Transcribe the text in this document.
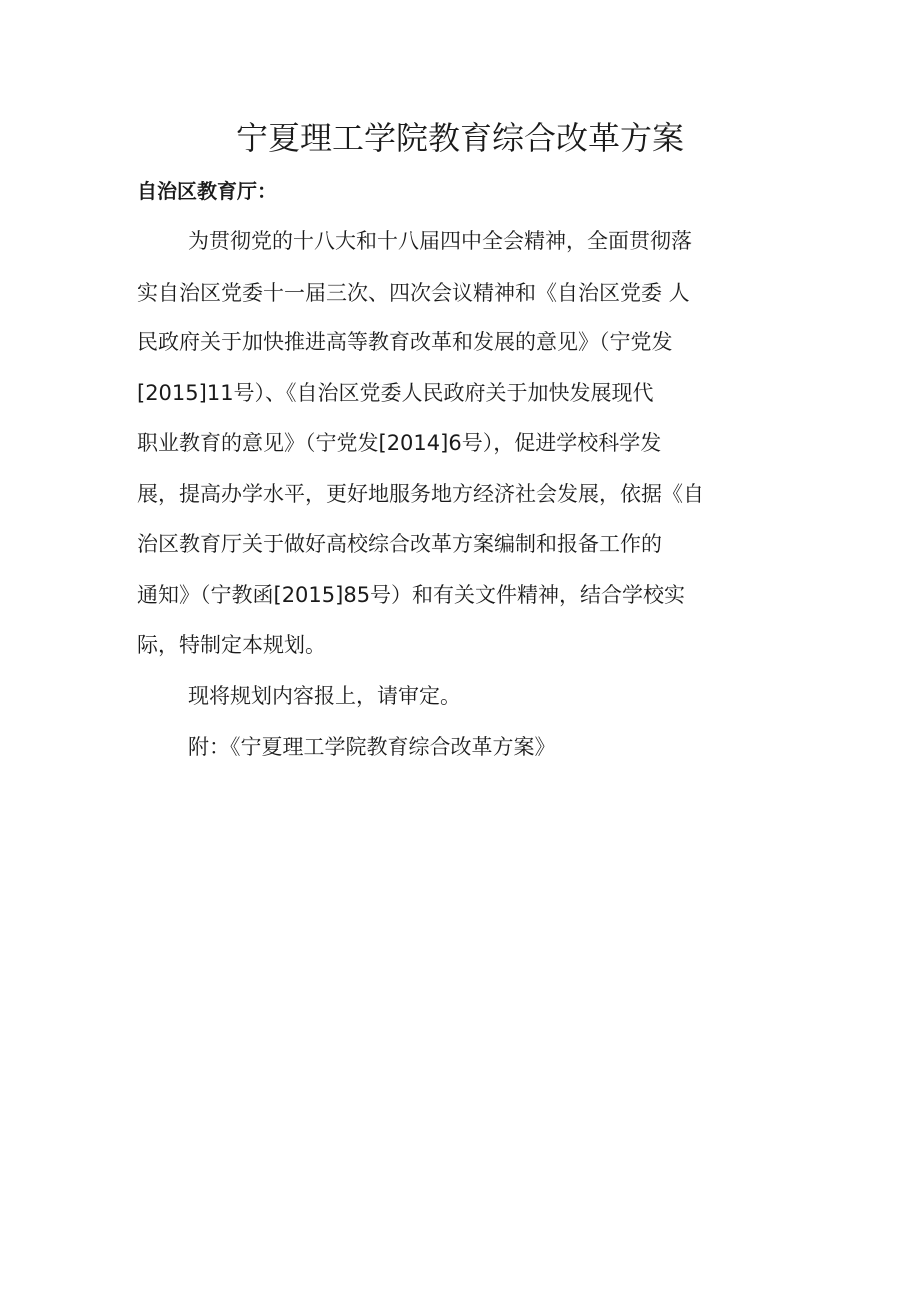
宁夏理工学院教育综合改革方案
自治区教育厅：
为贯彻党的十八大和十八届四中全会精神，全面贯彻落
实自治区党委十一届三次、四次会议精神和《自治区党委 人
民政府关于加快推进高等教育改革和发展的意见》（宁党发
[2015]11号）、《自治区党委人民政府关于加快发展现代
职业教育的意见》（宁党发[2014]6号），促进学校科学发
展，提高办学水平，更好地服务地方经济社会发展，依据《自
治区教育厅关于做好高校综合改革方案编制和报备工作的
通知》（宁教函[2015]85号）和有关文件精神，结合学校实
际，特制定本规划。
现将规划内容报上，请审定。
附：《宁夏理工学院教育综合改革方案》
